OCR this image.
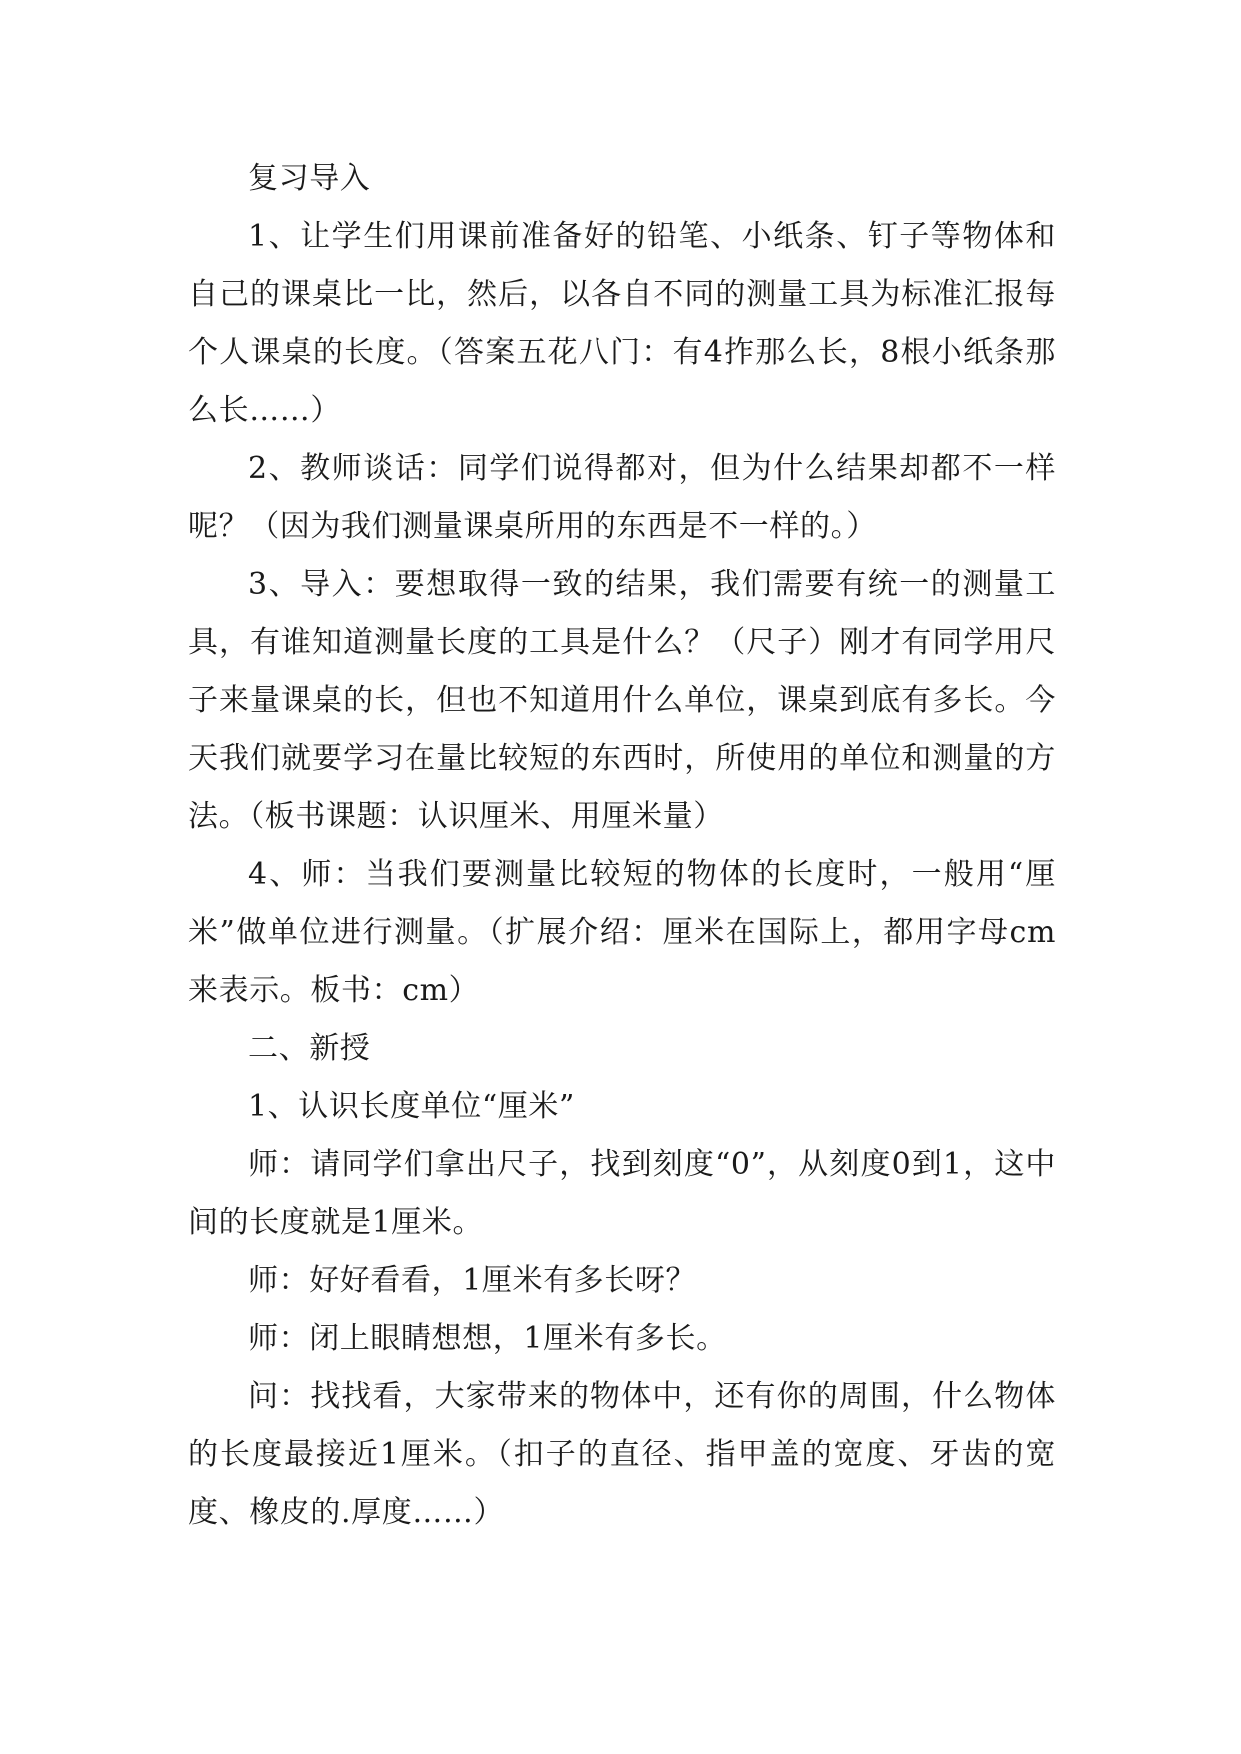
复习导入

1、让学生们用课前准备好的铅笔、小纸条、钉子等物体和自己的课桌比一比，然后，以各自不同的测量工具为标准汇报每个人课桌的长度。（答案五花八门：有4拃那么长，8根小纸条那么长……）

2、教师谈话：同学们说得都对，但为什么结果却都不一样呢？（因为我们测量课桌所用的东西是不一样的。）

3、导入：要想取得一致的结果，我们需要有统一的测量工具，有谁知道测量长度的工具是什么？（尺子）刚才有同学用尺子来量课桌的长，但也不知道用什么单位，课桌到底有多长。今天我们就要学习在量比较短的东西时，所使用的单位和测量的方法。（板书课题：认识厘米、用厘米量）

4、师：当我们要测量比较短的物体的长度时，一般用“厘米”做单位进行测量。（扩展介绍：厘米在国际上，都用字母cm来表示。板书：cm）

二、新授

1、认识长度单位“厘米”

师：请同学们拿出尺子，找到刻度“0”，从刻度0到1，这中间的长度就是1厘米。

师：好好看看，1厘米有多长呀？

师：闭上眼睛想想，1厘米有多长。

问：找找看，大家带来的物体中，还有你的周围，什么物体的长度最接近1厘米。（扣子的直径、指甲盖的宽度、牙齿的宽度、橡皮的.厚度……）
